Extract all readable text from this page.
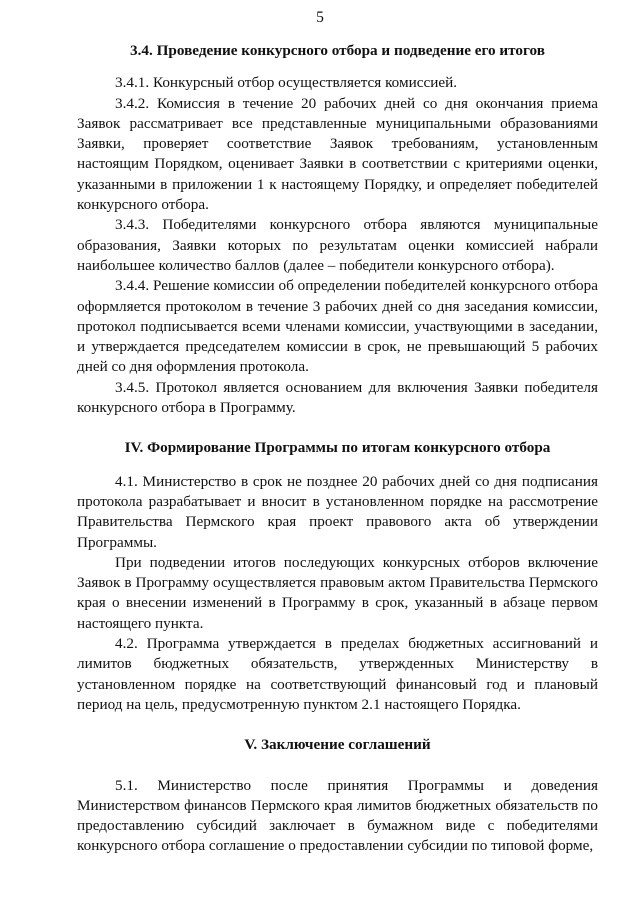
5
3.4. Проведение конкурсного отбора и подведение его итогов

3.4.1. Конкурсный отбор осуществляется комиссией.

3.4.2. Комиссия в течение 20 рабочих дней со дня окончания приема Заявок рассматривает все представленные муниципальными образованиями Заявки, проверяет соответствие Заявок требованиям, установленным настоящим Порядком, оценивает Заявки в соответствии с критериями оценки, указанными в приложении 1 к настоящему Порядку, и определяет победителей конкурсного отбора.

3.4.3. Победителями конкурсного отбора являются муниципальные образования, Заявки которых по результатам оценки комиссией набрали наибольшее количество баллов (далее – победители конкурсного отбора).

3.4.4. Решение комиссии об определении победителей конкурсного отбора оформляется протоколом в течение 3 рабочих дней со дня заседания комиссии, протокол подписывается всеми членами комиссии, участвующими в заседании, и утверждается председателем комиссии в срок, не превышающий 5 рабочих дней со дня оформления протокола.

3.4.5. Протокол является основанием для включения Заявки победителя конкурсного отбора в Программу.

IV. Формирование Программы по итогам конкурсного отбора

4.1. Министерство в срок не позднее 20 рабочих дней со дня подписания протокола разрабатывает и вносит в установленном порядке на рассмотрение Правительства Пермского края проект правового акта об утверждении Программы.

При подведении итогов последующих конкурсных отборов включение Заявок в Программу осуществляется правовым актом Правительства Пермского края о внесении изменений в Программу в срок, указанный в абзаце первом настоящего пункта.

4.2. Программа утверждается в пределах бюджетных ассигнований и лимитов бюджетных обязательств, утвержденных Министерству в установленном порядке на соответствующий финансовый год и плановый период на цель, предусмотренную пунктом 2.1 настоящего Порядка.

V. Заключение соглашений

5.1. Министерство после принятия Программы и доведения Министерством финансов Пермского края лимитов бюджетных обязательств по предоставлению субсидий заключает в бумажном виде с победителями конкурсного отбора соглашение о предоставлении субсидии по типовой форме,
